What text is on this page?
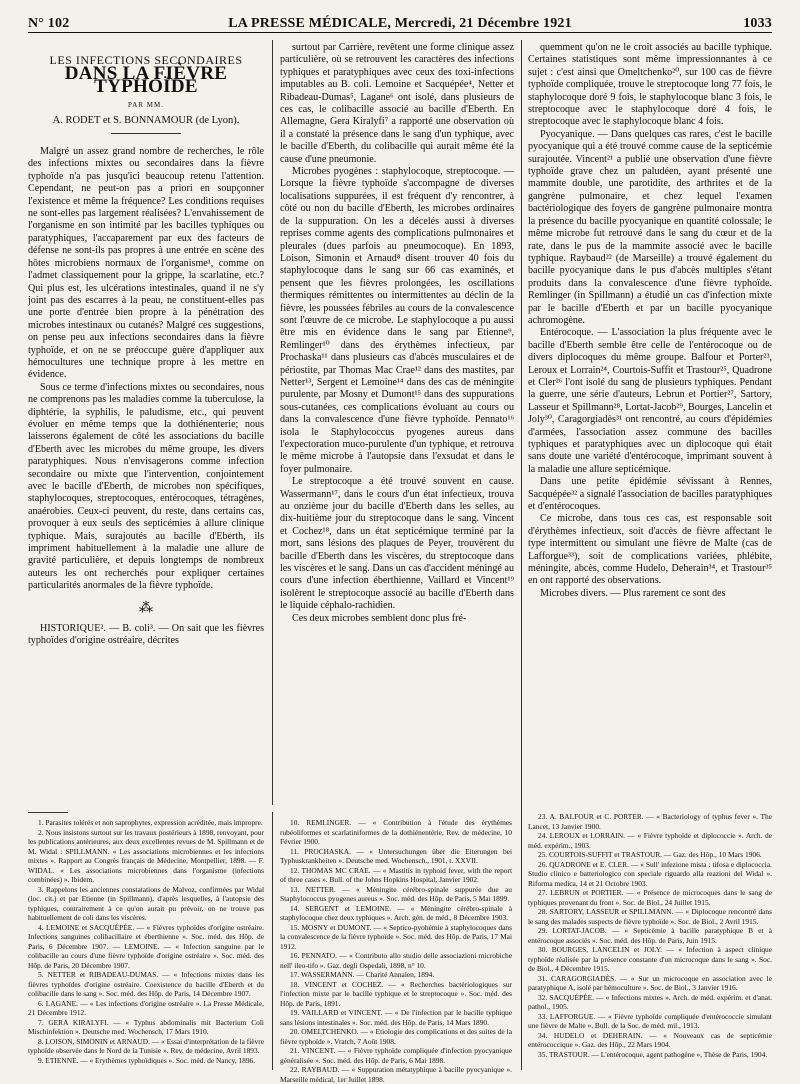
N° 102	LA PRESSE MÉDICALE, Mercredi, 21 Décembre 1921	1033
LES INFECTIONS SECONDAIRES
DANS LA FIÈVRE TYPHOÏDE
PAR MM.
A. RODET et S. BONNAMOUR (de Lyon).

Malgré un assez grand nombre de recherches, le rôle des infections mixtes ou secondaires dans la fièvre typhoïde n'a pas jusqu'ici beaucoup retenu l'attention. Cependant, ne peut-on pas a priori en soupçonner l'existence et même la fréquence? Les conditions requises ne sont-elles pas largement réalisées? L'envahissement de l'organisme en son intimité par les bacilles typhiques ou paratyphiques, l'accaparement par eux des facteurs de défense ne sont-ils pas propres à une entrée en scène des hôtes microbiens normaux de l'organisme¹, comme on l'admet classiquement pour la grippe, la scarlatine, etc.? Qui plus est, les ulcérations intestinales, quand il ne s'y joint pas des escarres à la peau, ne constituent-elles pas une porte d'entrée bien propre à la pénétration des microbes intestinaux ou cutanés? Malgré ces suggestions, on pense peu aux infections secondaires dans la fièvre typhoïde, et on ne se préoccupe guère d'appliquer aux hémocultures une technique propre à les mettre en évidence.

Sous ce terme d'infections mixtes ou secondaires, nous ne comprenons pas les maladies comme la tuberculose, la diphtérie, la syphilis, le paludisme, etc., qui peuvent évoluer en même temps que la dothiénenterie; nous laisserons également de côté les associations du bacille d'Eberth avec les microbes du même groupe, les divers paratyphiques. Nous n'envisagerons comme infection secondaire ou mixte que l'intervention, conjointement avec le bacille d'Eberth, de microbes non spécifiques, staphylocoques, streptocoques, entérocoques, tétragènes, anaérobies. Ceux-ci peuvent, du reste, dans certains cas, provoquer à eux seuls des septicémies à allure clinique typhique. Mais, surajoutés au bacille d'Eberth, ils impriment habituellement à la maladie une allure de gravité particulière, et depuis longtemps de nombreux auteurs les ont recherchés pour expliquer certaines particularités anormales de la fièvre typhoïde.

⁂

HISTORIQUE². — B. coli³. — On sait que les fièvres typhoïdes d'origine ostréaire, décrites

surtout par Carrière, revêtent une forme clinique assez particulière, où se retrouvent les caractères des infections typhiques et paratyphiques avec ceux des toxi-infections imputables au B. coli. Lemoine et Sacquépée⁴, Netter et Ribadeau-Dumas⁵, Lagane⁶ ont isolé, dans plusieurs de ces cas, le colibacille associé au bacille d'Eberth. En Allemagne, Gera Kiralyfi⁷ a rapporté une observation où il a constaté la présence dans le sang d'un typhique, avec le bacille d'Eberth, du colibacille qui aurait même été la cause d'une pneumonie.

Microbes pyogènes : staphylocoque, streptocoque. — Lorsque la fièvre typhoïde s'accompagne de diverses localisations suppurées, il est fréquent d'y rencontrer, à côté ou non du bacille d'Eberth, les microbes ordinaires de la suppuration. On les a décelés aussi à diverses reprises comme agents des complications pulmonaires et pleurales (dues parfois au pneumocoque). En 1893, Loison, Simonin et Arnaud⁸ disent trouver 40 fois du staphylocoque dans le sang sur 66 cas examinés, et pensent que les fièvres prolongées, les oscillations thermiques rémittentes ou intermittentes au déclin de la fièvre, les poussées fébriles au cours de la convalescence sont l'œuvre de ce microbe. Le staphylocoque a pu aussi être mis en évidence dans le sang par Etienne⁹, Remlinger¹⁰ dans des érythèmes infectieux, par Prochaska¹¹ dans plusieurs cas d'abcès musculaires et de périostite, par Thomas Mac Crae¹² dans des mastites, par Netter¹³, Sergent et Lemoine¹⁴ dans des cas de méningite purulente, par Mosny et Dumont¹⁵ dans des suppurations sous-cutanées, ces complications évoluant au cours ou dans la convalescence d'une fièvre typhoïde. Pennato¹⁶ isola le Staphylococcus pyogenes aureus dans l'expectoration muco-purulente d'un typhique, et retrouva le même microbe à l'autopsie dans l'exsudat et dans le foyer pulmonaire.

Le streptocoque a été trouvé souvent en cause. Wassermann¹⁷, dans le cours d'un état infectieux, trouva au onzième jour du bacille d'Eberth dans les selles, au dix-huitième jour du streptocoque dans le sang. Vincent et Cochez¹⁸, dans un état septicémique terminé par la mort, sans lésions des plaques de Peyer, trouvèrent du bacille d'Eberth dans les viscères, du streptocoque dans les viscères et le sang. Dans un cas d'accident méningé au cours d'une infection éberthienne, Vaillard et Vincent¹⁹ isolèrent le streptocoque associé au bacille d'Eberth dans le liquide céphalo-rachidien.

Ces deux microbes semblent donc plus fré-

quemment qu'on ne le croit associés au bacille typhique. Certaines statistiques sont même impressionnantes à ce sujet : c'est ainsi que Omeltchenko²⁰, sur 100 cas de fièvre typhoïde compliquée, trouve le streptocoque long 77 fois, le staphylocoque doré 9 fois, le staphylocoque blanc 3 fois, le streptocoque avec le staphylocoque doré 4 fois, le streptocoque avec le staphylocoque blanc 4 fois.

Pyocyanique. — Dans quelques cas rares, c'est le bacille pyocyanique qui a été trouvé comme cause de la septicémie surajoutée. Vincent²¹ a publié une observation d'une fièvre typhoïde grave chez un paludéen, ayant présenté une mammite double, une parotidite, des arthrites et de la gangrène pulmonaire, et chez lequel l'examen bactériologique des foyers de gangrène pulmonaire montra la présence du bacille pyocyanique en quantité colossale; le même microbe fut retrouvé dans le sang du cœur et de la rate, dans le pus de la mammite associé avec le bacille typhique. Raybaud²² (de Marseille) a trouvé également du bacille pyocyanique dans le pus d'abcès multiples s'étant produits dans la convalescence d'une fièvre typhoïde. Remlinger (in Spillmann) a étudié un cas d'infection mixte par le bacille d'Eberth et par un bacille pyocyanique achromogène.

Entérocoque. — L'association la plus fréquente avec le bacille d'Eberth semble être celle de l'entérocoque ou de divers diplocoques du même groupe. Balfour et Porter²³, Leroux et Lorrain²⁴, Courtois-Suffit et Trastour²⁵, Quadrone et Cler²⁶ l'ont isolé du sang de plusieurs typhiques. Pendant la guerre, une série d'auteurs, Lebrun et Portier²⁷, Sartory, Lasseur et Spillmann²⁸, Lortat-Jacob²⁹, Bourges, Lancelin et Joly³⁰, Caragorgiadès³¹ ont rencontré, au cours d'épidémies d'armées, l'association assez commune des bacilles typhiques et paratyphiques avec un diplocoque qui était sans doute une variété d'entérocoque, imprimant souvent à la maladie une allure septicémique.

Dans une petite épidémie sévissant à Rennes, Sacquépée³² a signalé l'association de bacilles paratyphiques et d'entérocoques.

Ce microbe, dans tous ces cas, est responsable soit d'érythèmes infectieux, soit d'accès de fièvre affectant le type intermittent ou simulant une fièvre de Malte (cas de Lafforgue³³), soit de complications variées, phlébite, méningite, abcès, comme Hudelo, Deherain³⁴, et Trastour³⁵ en ont rapporté des observations.

Microbes divers. — Plus rarement ce sont des

1. Parasites tolérés et non saprophytes, expression acréditée, mais impropre.
2. Nous insistons surtout sur les travaux postérieurs à 1898, renvoyant, pour les publications antérieures, aux deux excellentes revues de M. Spillmann et de M. Widal : SPILLMANN. « Les associations microbiennes et les infections mixtes ». Rapport au Congrès français de Médecine, Montpellier, 1898. — F. WIDAL. « Les associations microbiennes dans l'organisme (infections combinées) ». Ibidem.
3. Rappelons les anciennes constatations de Malvoz, confirmées par Widal (loc. cit.) et par Etienne (in Spillmann), d'après lesquelles, à l'autopsie des typhiques, contrairement à ce qu'on aurait pu prévoir, on ne trouve pas habituellement de coli dans les viscères.
4. LEMOINE et SACQUÉPÉE. — « Fièvres typhoïdes d'origine ostréaire. Infections sanguines colibacillaire et éberthienne ». Soc. méd. des Hôp. de Paris, 6 Décembre 1907. — LEMOINE. — « Infection sanguine par le colibacille au cours d'une fièvre typhoïde d'origine ostréaire ». Soc. méd. des Hôp. de Paris, 20 Décembre 1907.
5. NETTER et RIBADEAU-DUMAS. — « Infections mixtes dans les fièvres typhoïdes d'origine ostréaire. Coexistence du bacille d'Eberth et du colibacille dans le sang ». Soc. méd. des Hôp. de Paris, 14 Décembre 1907.
6. LAGANE. — « Les infections d'origine ostréaire ». La Presse Médicale, 21 Décembre 1912.
7. GERA KIRALYFI. — « Typhus abdominalis mit Bacterium Coli Mischinfektion ». Deutsche med. Wochensch, 17 Mars 1910.
8. LOISON, SIMONIN et ARNAUD. — « Essai d'interprétation de la fièvre typhoïde observée dans le Nord de la Tunisie ». Rev. de médecine, Avril 1893.
9. ETIENNE. — « Erythèmes typhoïdiques ». Soc. méd. de Nancy, 1896.
10. REMLINGER. — « Contribution à l'étude des érythèmes rubéoliformes et scarlatiniformes de la dothiénentérie, Rev. de médecine, 10 Février 1900.
11. PROCHASKA. — « Untersuchungen über die Eiterungen bei Typhuskrankheiten ». Deutsche med. Wochensch., 1901, t. XXVII.
12. THOMAS MC CRAE. — « Mastitis in typhoid fever, with the report of three cases ». Bull. of the Johns Hopkins Hospital, Janvier 1902.
13. NETTER. — « Méningite cérébro-spinale suppurée due au Staphylococcus pyogenes aureus ». Soc. méd. des Hôp. de Paris, 5 Mai 1899.
14. SERGENT et LEMOINE. — « Méningite cérébro-spinale à staphylocoque chez deux typhiques ». Arch. gén. de méd., 8 Décembre 1903.
15. MOSNY et DUMONT. — « Septico-pyohémie à staphylocoques dans la convalescence de la fièvre typhoïde ». Soc. méd. des Hôp. de Paris, 17 Mai 1912.
16. PENNATO. — « Contributo allo studio delle associazioni microbiche nell' ileo-tifo ». Gaz. degli Ospedali, 1898, n° 10.
17. WASSERMANN. — Charité Annalen, 1894.
18. VINCENT et COCHEZ. — « Recherches bactériologiques sur l'infection mixte par le bacille typhique et le streptocoque ». Soc. méd. des Hôp. de Paris, 1891.
19. VAILLARD et VINCENT. — « De l'infection par le bacille typhique sans lésions intestinales ». Soc. méd. des Hôp. de Paris, 14 Mars 1890.
20. OMELTCHENKO. — « Etiologie des complications et des suites de la fièvre typhoïde ». Vratch, 7 Août 1908.
21. VINCENT. — « Fièvre typhoïde compliquée d'infection pyocyanique généralisée ». Soc. méd. des Hôp. de Paris, 6 Mai 1898.
22. RAYBAUD. — « Suppuration métatyphique à bacille pyocyanique ». Marseille médical, 1er Juillet 1898.
23. A. BALFOUR et C. PORTER. — « Bacteriology of typhus fever ». The Lancet, 13 Janvier 1900.
24. LEROUX et LORRAIN. — « Fièvre typhoïde et diplococcie ». Arch. de méd. expérim., 1903.
25. COURTOIS-SUFFIT et TRASTOUR. — Gaz. des Hôp., 10 Mars 1906.
26. QUADRONE et E. CLER. — « Sull' infezione mista : tifosa e diplococcia. Studio clinico e batteriologico con speciale riguardo alla reazioni del Widal ». Riforma medica, 14 et 21 Octobre 1903.
27. LEBRUN et PORTIER. — « Présence de microcoques dans le sang de typhiques provenant du front ». Soc. de Biol., 24 Juillet 1915.
28. SARTORY, LASSEUR et SPILLMANN. — « Diplocoque rencontré dans le sang des malades suspects de fièvre typhoïde ». Soc. de Biol., 2 Avril 1915.
29. LORTAT-JACOB. — « Septicémie à bacille paratyphique B et à entérocoque associés ». Soc. méd. des Hôp. de Paris, Juin 1915.
30. BOURGES, LANCELIN et JOLY. — « Infection à aspect clinique typhoïde réalisée par la présence constante d'un microcoque dans le sang ». Soc. de Biol., 4 Décembre 1915.
31. CARAGORGIADÈS. — « Sur un microcoque en association avec le paratyphique A, isolé par hémoculture ». Soc. de Biol., 3 Janvier 1916.
32. SACQUÉPÉE. — « Infections mixtes ». Arch. de méd. expérim. et d'anat. pathol., 1905.
33. LAFFORGUE. — « Fièvre typhoïde compliquée d'entérococcie simulant une fièvre de Malte ». Bull. de la Soc. de méd. mil., 1913.
34. HUDELO et DEHERAIN. — « Nouveaux cas de septicémie entérococcique ». Gaz. des Hôp., 22 Mars 1904.
35. TRASTOUR. — L'entérocoque, agent pathogène », Thèse de Paris, 1904.
